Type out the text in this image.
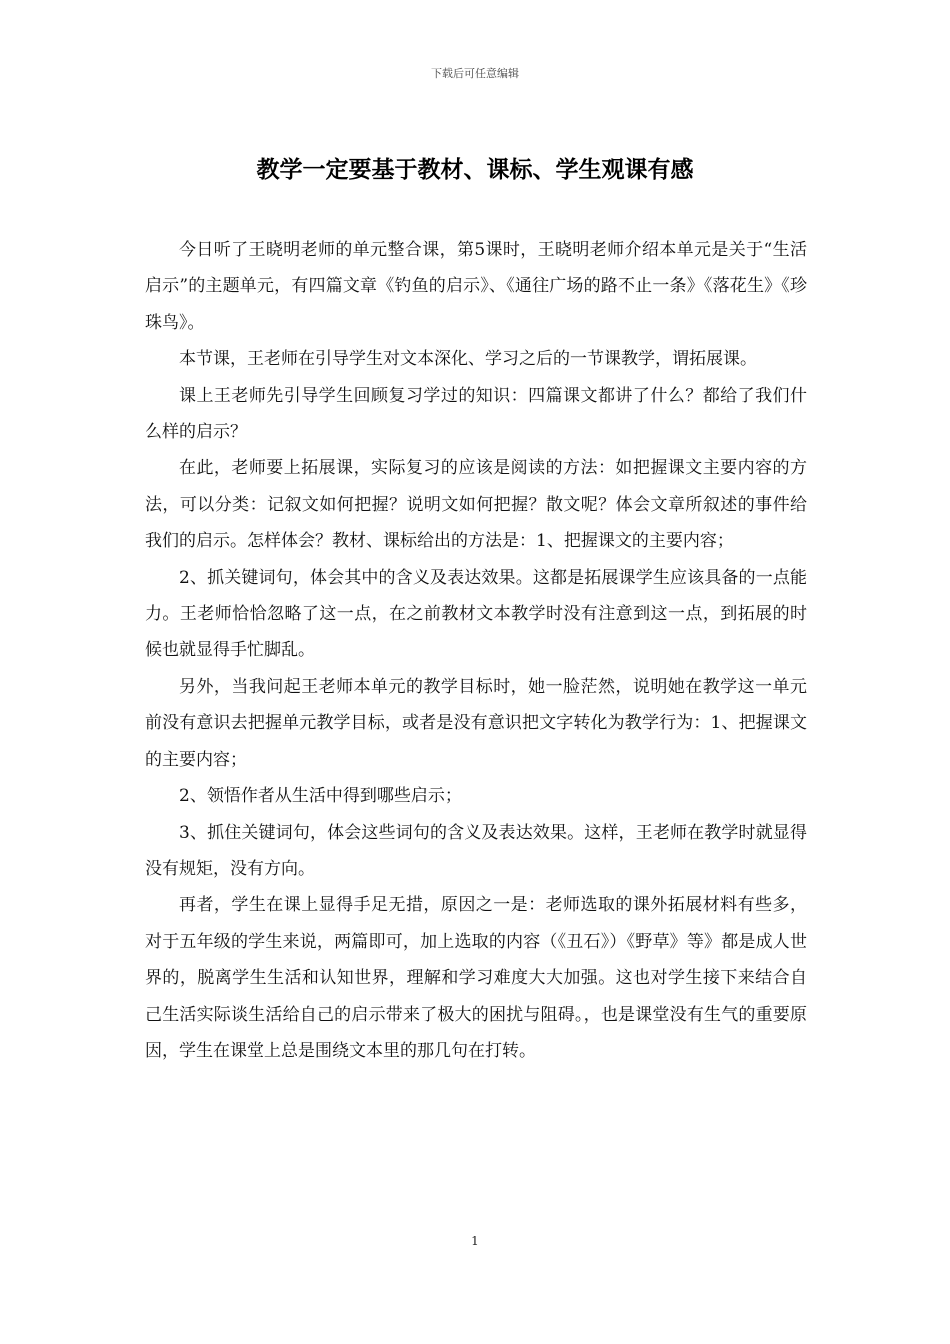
下载后可任意编辑
教学一定要基于教材、课标、学生观课有感

今日听了王晓明老师的单元整合课，第5课时，王晓明老师介绍本单元是关于“生活启示”的主题单元，有四篇文章《钓鱼的启示》、《通往广场的路不止一条》《落花生》《珍珠鸟》。

本节课，王老师在引导学生对文本深化、学习之后的一节课教学，谓拓展课。

课上王老师先引导学生回顾复习学过的知识：四篇课文都讲了什么？都给了我们什么样的启示？

在此，老师要上拓展课，实际复习的应该是阅读的方法：如把握课文主要内容的方法，可以分类：记叙文如何把握？说明文如何把握？散文呢？体会文章所叙述的事件给我们的启示。怎样体会？教材、课标给出的方法是：1、把握课文的主要内容；

2、抓关键词句，体会其中的含义及表达效果。这都是拓展课学生应该具备的一点能力。王老师恰恰忽略了这一点，在之前教材文本教学时没有注意到这一点，到拓展的时候也就显得手忙脚乱。

另外，当我问起王老师本单元的教学目标时，她一脸茫然，说明她在教学这一单元前没有意识去把握单元教学目标，或者是没有意识把文字转化为教学行为：1、把握课文的主要内容；

2、领悟作者从生活中得到哪些启示；

3、抓住关键词句，体会这些词句的含义及表达效果。这样，王老师在教学时就显得没有规矩，没有方向。

再者，学生在课上显得手足无措，原因之一是：老师选取的课外拓展材料有些多，对于五年级的学生来说，两篇即可，加上选取的内容（《丑石》）《野草》等》都是成人世界的，脱离学生生活和认知世界，理解和学习难度大大加强。这也对学生接下来结合自己生活实际谈生活给自己的启示带来了极大的困扰与阻碍。，也是课堂没有生气的重要原因，学生在课堂上总是围绕文本里的那几句在打转。

1
